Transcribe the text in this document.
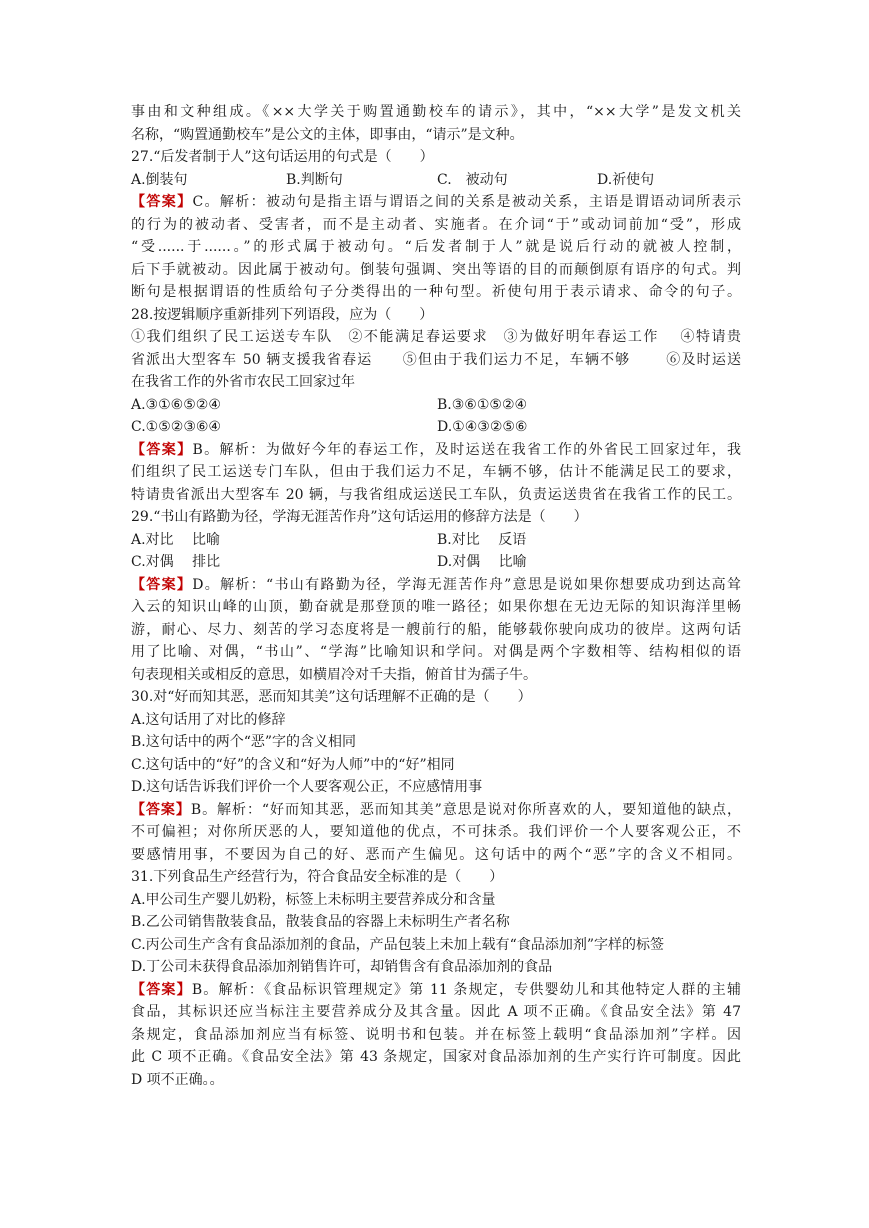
事由和文种组成。《××大学关于购置通勤校车的请示》，其中，“××大学”是发文机关
名称，“购置通勤校车”是公文的主体，即事由，“请示”是文种。
27.“后发者制于人”这句话运用的句式是（　　）
A.倒装句	B.判断句	C.　被动句	D.祈使句
【答案】C。解析：被动句是指主语与谓语之间的关系是被动关系，主语是谓语动词所表示
的行为的被动者、受害者，而不是主动者、实施者。在介词“于”或动词前加“受”，形成
“受......于......。”的形式属于被动句。“后发者制于人”就是说后行动的就被人控制，
后下手就被动。因此属于被动句。倒装句强调、突出等语的目的而颠倒原有语序的句式。判
断句是根据谓语的性质给句子分类得出的一种句型。祈使句用于表示请求、命令的句子。
28.按逻辑顺序重新排列下列语段，应为（　　）
①我们组织了民工运送专车队　②不能满足春运要求　③为做好明年春运工作　 ④特请贵
省派出大型客车 50 辆支援我省春运　　⑤但由于我们运力不足，车辆不够　　 ⑥及时运送
在我省工作的外省市农民工回家过年
A.③①⑥⑤②④	B.③⑥①⑤②④
C.①⑤②③⑥④	D.①④③②⑤⑥
【答案】B。解析：为做好今年的春运工作，及时运送在我省工作的外省民工回家过年，我
们组织了民工运送专门车队，但由于我们运力不足，车辆不够，估计不能满足民工的要求，
特请贵省派出大型客车 20 辆，与我省组成运送民工车队，负责运送贵省在我省工作的民工。
29.“书山有路勤为径，学海无涯苦作舟”这句话运用的修辞方法是（　　）
A.对比　 比喻	B.对比　 反语
C.对偶　 排比	D.对偶　 比喻
【答案】D。解析：“书山有路勤为径，学海无涯苦作舟”意思是说如果你想要成功到达高耸
入云的知识山峰的山顶，勤奋就是那登顶的唯一路径；如果你想在无边无际的知识海洋里畅
游，耐心、尽力、刻苦的学习态度将是一艘前行的船，能够载你驶向成功的彼岸。这两句话
用了比喻、对偶，“书山”、“学海”比喻知识和学问。对偶是两个字数相等、结构相似的语
句表现相关或相反的意思，如横眉冷对千夫指，俯首甘为孺子牛。
30.对“好而知其恶，恶而知其美”这句话理解不正确的是（　　）
A.这句话用了对比的修辞
B.这句话中的两个“恶”字的含义相同
C.这句话中的“好”的含义和“好为人师”中的“好”相同
D.这句话告诉我们评价一个人要客观公正，不应感情用事
【答案】B。解析：“好而知其恶，恶而知其美”意思是说对你所喜欢的人，要知道他的缺点，
不可偏袒；对你所厌恶的人，要知道他的优点，不可抹杀。我们评价一个人要客观公正，不
要感情用事，不要因为自己的好、恶而产生偏见。这句话中的两个“恶”字的含义不相同。
31.下列食品生产经营行为，符合食品安全标准的是（　　）
A.甲公司生产婴儿奶粉，标签上未标明主要营养成分和含量
B.乙公司销售散装食品，散装食品的容器上未标明生产者名称
C.丙公司生产含有食品添加剂的食品，产品包装上未加上载有“食品添加剂”字样的标签
D.丁公司未获得食品添加剂销售许可，却销售含有食品添加剂的食品
【答案】B。解析：《食品标识管理规定》第 11 条规定，专供婴幼儿和其他特定人群的主辅
食品，其标识还应当标注主要营养成分及其含量。因此 A 项不正确。《食品安全法》第 47
条规定，食品添加剂应当有标签、说明书和包装。并在标签上载明“食品添加剂”字样。因
此 C 项不正确。《食品安全法》第 43 条规定，国家对食品添加剂的生产实行许可制度。因此
D 项不正确。。
